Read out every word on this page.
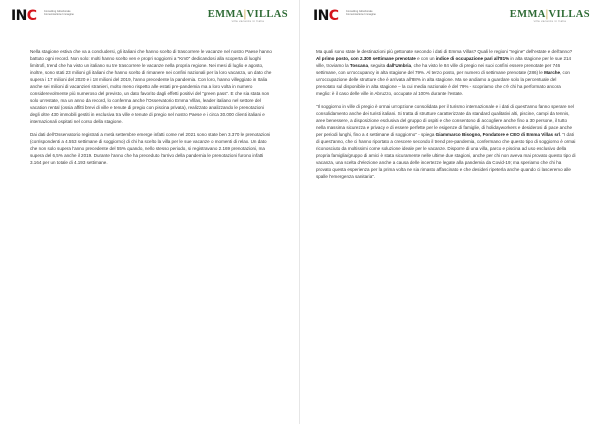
INC	Consulting Istituzionale Comunicazione Immagine	EMMA|VILLAS
villa vacanze in Italia

Nella stagione estiva che va a concludersi, gli italiani che hanno scelto di trascorrere le vacanze nel nostro Paese hanno battuto ogni record. Non solo: molti hanno scelto ven e propri soggiorni a "Km0" dedicandosi alla scoperta di luoghi limitrofi, trend che ha visto un italiano su tre trascorrere le vacanze nella propria regione. Nei mesi di luglio e agosto, inoltre, sono stati 23 milioni gli italiani che hanno scelto di rimanere nei confini nazionali per la loro vacanza, un dato che supera i 17 milioni del 2020 e i 18 milioni del 2019, l'anno precedente la pandemia. Con loro, hanno villeggiato in Italia anche sei milioni di vacanzieri stranieri, molto meno rispetto alle estati pre-pandemia ma a loro volta in numero considerevolmente più numeroso del previsto, un dato favorito dagli effetti positivi del "green pass". E che sia stata non solo un'estate, ma un anno da record, lo conferma anche l'Osservatorio Emma Villas, leader italiano nel settore del vacation rental (ossia affitti brevi di ville e tenute di pregio con piscina privata), realizzato analizzando le prenotazioni degli oltre 430 immobili gestiti in esclusiva tra ville e tenute di pregio nel nostro Paese e i circa 30.000 clienti italiani e internazionali ospitati nel corso della stagione.

Dai dati dell'Osservatorio registrati a metà settembre emerge infatti come nel 2021 sono state ben 3.370 le prenotazioni (corrispondenti a 4.553 settimane di soggiorno) di chi ha scelto la villa per le sue vacanze o momenti di relax. Un dato che non solo supera l'anno precedente del 55% quando, nello stesso periodo, si registravano 2.169 prenotazioni, ma supera del 6,5% anche il 2019. Durante l'anno che ha preceduto l'arrivo della pandemia le prenotazioni furono infatti 3.164 per un totale di 4.193 settimane.

INC	Consulting Istituzionale Comunicazione Immagine	EMMA|VILLAS
villa vacanze in Italia

Ma quali sono state le destinazioni più gettonate secondo i dati di Emma Villas? Quali le regioni "regine" dell'estate e dell'anno? Al primo posto, con 2.300 settimane prenotate e con un indice di occupazione pari all'81% in alta stagione per le sue 214 ville, troviamo la Toscana, seguita dall'Umbria, che ha visto le 84 ville di pregio nei suoi confini essere prenotate per 746 settimane, con un'occupancy in alta stagione del 79%. Al terzo posto, per numero di settimane prenotate (286) le Marche, con un'occupazione delle strutture che è arrivata all'88% in alta stagione. Ma se andiamo a guardare solo la percentuale del prenotato sul disponibile in alta stagione – la cui media nazionale è del 79% - scopriamo che c'è chi ha performato ancora meglio: è il caso delle ville in Abruzzo, occupate al 100% durante l'estate.

"Il soggiorno in ville di pregio è ormai un'opzione consolidata per il turismo internazionale e i dati di quest'anno fanno sperare nel consolidamento anche dei turisti italiani. Si tratta di strutture caratterizzate da standard qualitativi alti, piscine, campi da tennis, aree benessere, a disposizione esclusiva del gruppo di ospiti e che consentono di accogliere anche fino a 30 persone, il tutto nella massima sicurezza e privacy e di essere perfette per le esigenze di famiglie, di holidayworkers e desiderosi di pace anche per periodi lunghi, fino a 4 settimane di soggiorno" - spiega Giammarco Bisogno, Fondatore e CEO di Emma Villas srl. "I dati di quest'anno, che ci hanno riportato a crescere secondo il trend pre-pandemia, confermano che questo tipo di soggiorno è ormai riconosciuto da moltissimi come soluzione ideale per le vacanze. Disporre di una villa, parco e piscina ad uso esclusivo della propria famiglia/gruppo di amici è stata sicuramente nelle ultime due stagioni, anche per chi non aveva mai provato questo tipo di vacanza, una scelta d'elezione anche a causa delle incertezze legate alla pandemia da Covid-19; ma speriamo che chi ha provato questa esperienza per la prima volta ne sia rimasto affascinato e che desideri ripeterla anche quando ci lasceremo alle spalle l'emergenza sanitaria".
